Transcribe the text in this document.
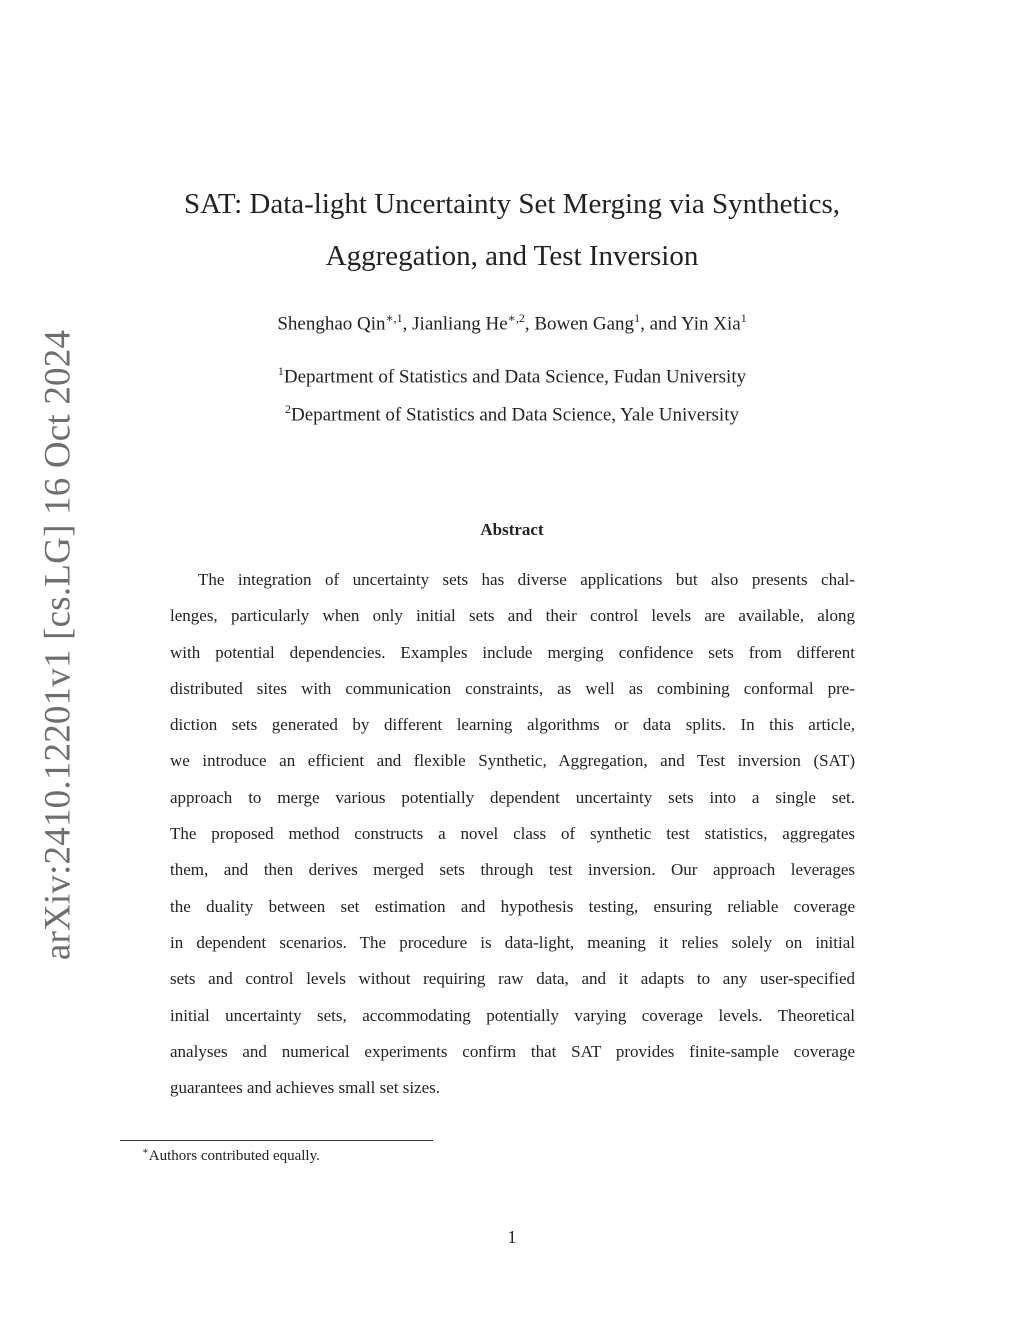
arXiv:2410.12201v1 [cs.LG] 16 Oct 2024
SAT: Data-light Uncertainty Set Merging via Synthetics,
Aggregation, and Test Inversion
Shenghao Qin$^{∗,1}$, Jianliang $He^{∗,2}$, Bowen Gang$^1$, and Yin Xia$^1$
$^1$Department of Statistics and Data Science, Fudan University
$^2$Department of Statistics and Data Science, Yale University
Abstract
The integration of uncertainty sets has diverse applications but also presents chal-
lenges, particularly when only initial sets and their control levels are available, along
with potential dependencies. Examples include merging confidence sets from different
distributed sites with communication constraints, as well as combining conformal pre-
diction sets generated by different learning algorithms or data splits. In this article,
we introduce an efficient and flexible Synthetic, Aggregation, and Test inversion (SAT)
approach to merge various potentially dependent uncertainty sets into a single set.
The proposed method constructs a novel class of synthetic test statistics, aggregates
them, and then derives merged sets through test inversion. Our approach leverages
the duality between set estimation and hypothesis testing, ensuring reliable coverage
in dependent scenarios. The procedure is data-light, meaning it relies solely on initial
sets and control levels without requiring raw data, and it adapts to any user-specified
initial uncertainty sets, accommodating potentially varying coverage levels. Theoretical
analyses and numerical experiments confirm that SAT provides finite-sample coverage
guarantees and achieves small set sizes.
∗Authors contributed equally.
1
